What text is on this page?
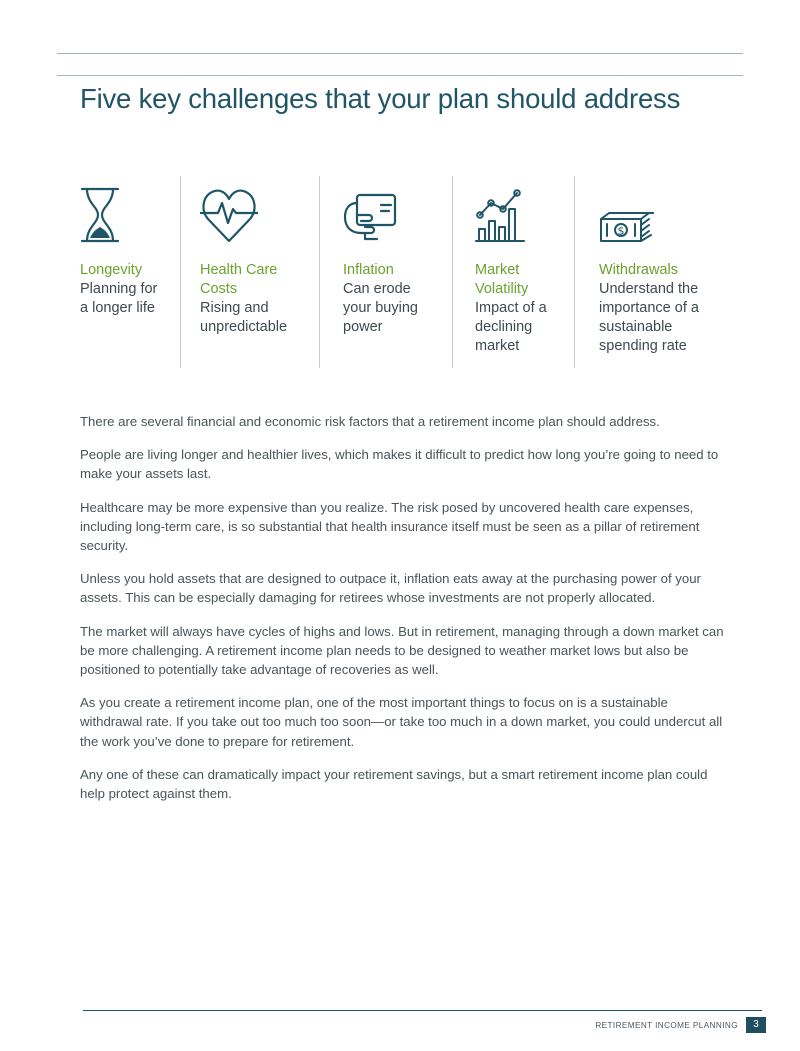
Five key challenges that your plan should address
Longevity
Planning for
a longer life
Health Care
Costs
Rising and
unpredictable
Inflation
Can erode
your buying
power
Market
Volatility
Impact of a
declining
market
$
Withdrawals
Understand the
importance of a
sustainable
spending rate

There are several financial and economic risk factors that a retirement income plan should address.

People are living longer and healthier lives, which makes it difficult to predict how long you’re going to need to make your assets last.

Healthcare may be more expensive than you realize. The risk posed by uncovered health care expenses, including long-term care, is so substantial that health insurance itself must be seen as a pillar of retirement security.

Unless you hold assets that are designed to outpace it, inflation eats away at the purchasing power of your assets. This can be especially damaging for retirees whose investments are not properly allocated.

The market will always have cycles of highs and lows. But in retirement, managing through a down market can be more challenging. A retirement income plan needs to be designed to weather market lows but also be positioned to potentially take advantage of recoveries as well.

As you create a retirement income plan, one of the most important things to focus on is a sustainable withdrawal rate. If you take out too much too soon—or take too much in a down market, you could undercut all the work you’ve done to prepare for retirement.

Any one of these can dramatically impact your retirement savings, but a smart retirement income plan could help protect against them.

RETIREMENT INCOME PLANNING	3
